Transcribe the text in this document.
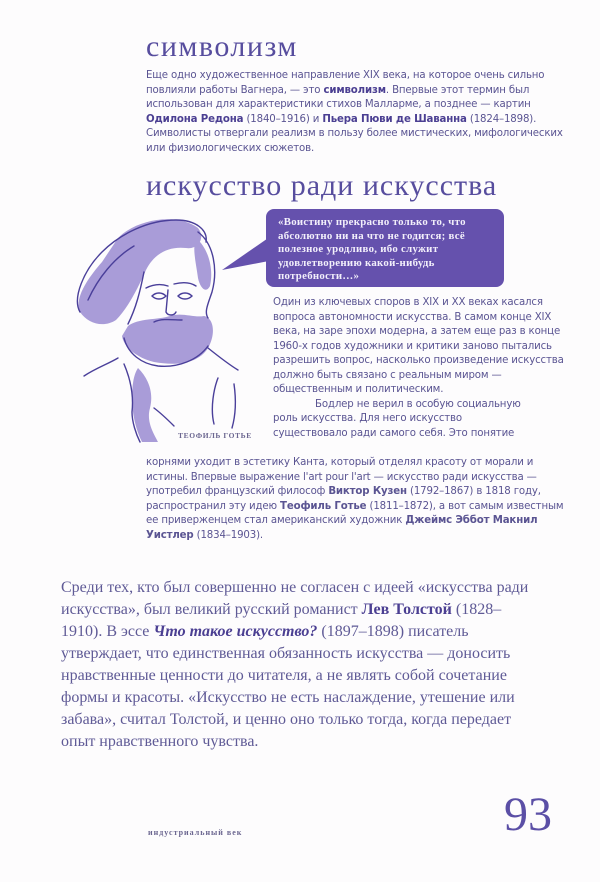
символизм
Еще одно художественное направление XIX века, на которое очень сильно повлияли работы Вагнера, — это символизм. Впервые этот термин был использован для характеристики стихов Малларме, а позднее — картин Одилона Редона (1840–1916) и Пьера Пюви де Шаванна (1824–1898). Символисты отвергали реализм в пользу более мистических, мифологических или физиологических сюжетов.
искусство ради искусства
«Воистину прекрасно только то, что абсолютно ни на что не годится; всё полезное уродливо, ибо служит удовлетворению какой-нибудь потребности…»
ТЕОФИЛЬ ГОТЬЕ

Один из ключевых споров в XIX и XX веках касался вопроса автономности искусства. В самом конце XIX века, на заре эпохи модерна, а затем еще раз в конце 1960-х годов художники и критики заново пытались разрешить вопрос, насколько произведение искусства должно быть связано с реальным миром — общественным и политическим.

Бодлер не верил в особую социальную

роль искусства. Для него искусство

существовало ради самого себя. Это понятие

корнями уходит в эстетику Канта, который отделял красоту от морали и истины. Впервые выражение l'art pour l'art — искусство ради искусства — употребил французский философ Виктор Кузен (1792–1867) в 1818 году, распространил эту идею Теофиль Готье (1811–1872), а вот самым известным ее приверженцем стал американский художник Джеймс Эббот Макнил Уистлер (1834–1903).

Среди тех, кто был совершенно не согласен с идеей «искусства ради искусства», был великий русский романист Лев Толстой (1828–1910). В эссе Что такое искусство? (1897–1898) писатель утверждает, что единственная обязанность искусства — доносить нравственные ценности до читателя, а не являть собой сочетание формы и красоты. «Искусство не есть наслаждение, утешение или забава», считал Толстой, и ценно оно только тогда, когда передает опыт нравственного чувства.

индустриальный век	93
